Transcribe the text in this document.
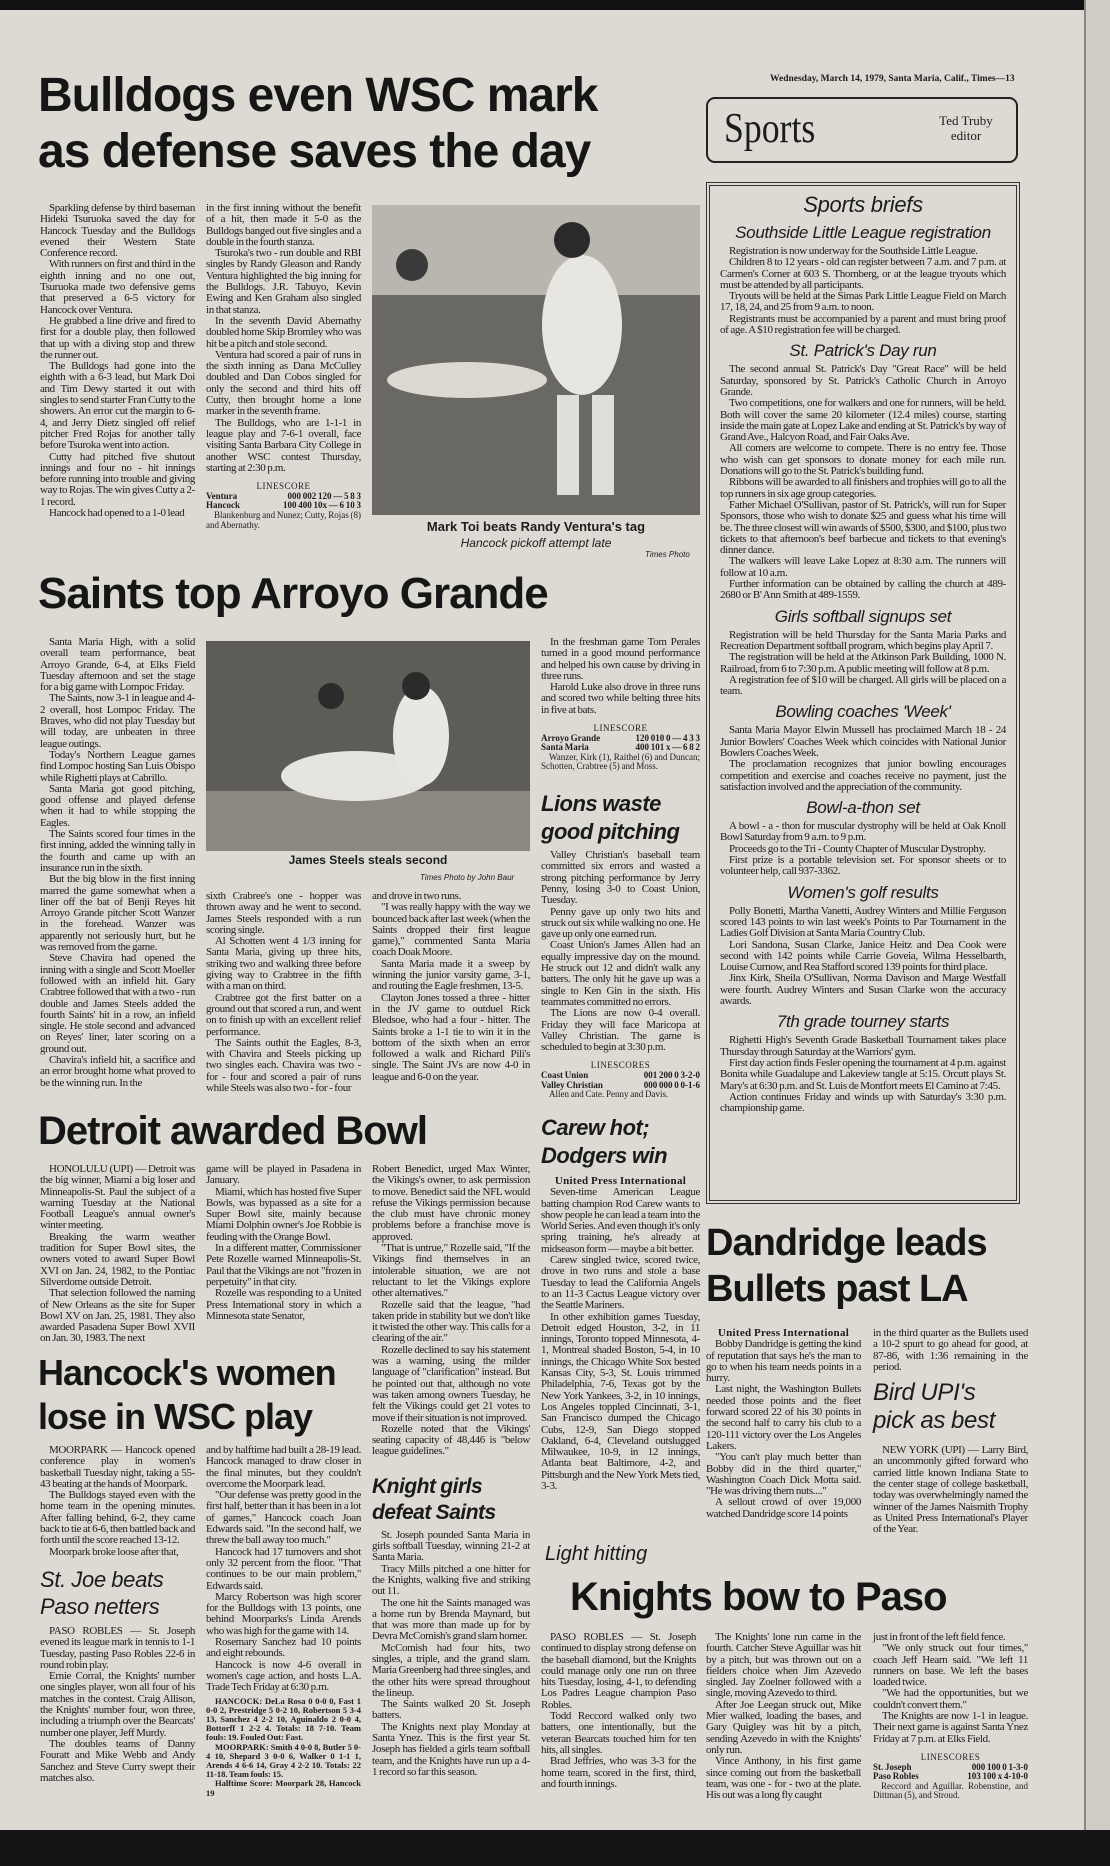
Wednesday, March 14, 1979, Santa Maria, Calif., Times—13
Sports	Ted Truby
editor
Bulldogs even WSC mark
as defense saves the day

Sparkling defense by third baseman Hideki Tsuruoka saved the day for Hancock Tuesday and the Bulldogs evened their Western State Conference record.

With runners on first and third in the eighth inning and no one out, Tsuruoka made two defensive gems that preserved a 6-5 victory for Hancock over Ventura.

He grabbed a line drive and fired to first for a double play, then followed that up with a diving stop and threw the runner out.

The Bulldogs had gone into the eighth with a 6-3 lead, but Mark Doi and Tim Dewy started it out with singles to send starter Fran Cutty to the showers. An error cut the margin to 6-4, and Jerry Dietz singled off relief pitcher Fred Rojas for another tally before Tsuroka went into action.

Cutty had pitched five shutout innings and four no - hit innings before running into trouble and giving way to Rojas. The win gives Cutty a 2-1 record.

Hancock had opened to a 1-0 lead

in the first inning without the benefit of a hit, then made it 5-0 as the Bulldogs banged out five singles and a double in the fourth stanza.

Tsuroka's two - run double and RBI singles by Randy Gleason and Randy Ventura highlighted the big inning for the Bulldogs. J.R. Tabuyo, Kevin Ewing and Ken Graham also singled in that stanza.

In the seventh David Abernathy doubled home Skip Bromley who was hit be a pitch and stole second.

Ventura had scored a pair of runs in the sixth inning as Dana McCulley doubled and Dan Cobos singled for only the second and third hits off Cutty, then brought home a lone marker in the seventh frame.

The Bulldogs, who are 1-1-1 in league play and 7-6-1 overall, face visiting Santa Barbara City College in another WSC contest Thursday, starting at 2:30 p.m.

LINESCORE
Ventura	000 002 120 — 5 8 3
Hancock	100 400 10x — 6 10 3
Blankenburg and Nunez; Cutty, Rojas (8) and Abernathy.	Mark Toi beats Randy Ventura's tag
Hancock pickoff attempt late
Times Photo
Sports briefs
Southside Little League registration

Registration is now underway for the Southside Little League.

Children 8 to 12 years - old can register between 7 a.m. and 7 p.m. at Carmen's Corner at 603 S. Thornberg, or at the league tryouts which must be attended by all participants.

Tryouts will be held at the Simas Park Little League Field on March 17, 18, 24, and 25 from 9 a.m. to noon.

Registrants must be accompanied by a parent and must bring proof of age. A $10 registration fee will be charged.

St. Patrick's Day run

The second annual St. Patrick's Day "Great Race" will be held Saturday, sponsored by St. Patrick's Catholic Church in Arroyo Grande.

Two competitions, one for walkers and one for runners, will be held. Both will cover the same 20 kilometer (12.4 miles) course, starting inside the main gate at Lopez Lake and ending at St. Patrick's by way of Grand Ave., Halcyon Road, and Fair Oaks Ave.

All comers are welcome to compete. There is no entry fee. Those who wish can get sponsors to donate money for each mile run. Donations will go to the St. Patrick's building fund.

Ribbons will be awarded to all finishers and trophies will go to all the top runners in six age group categories.

Father Michael O'Sullivan, pastor of St. Patrick's, will run for Super Sponsors, those who wish to donate $25 and guess what his time will be. The three closest will win awards of $500, $300, and $100, plus two tickets to that afternoon's beef barbecue and tickets to that evening's dinner dance.

The walkers will leave Lake Lopez at 8:30 a.m. The runners will follow at 10 a.m.

Further information can be obtained by calling the church at 489-2680 or B' Ann Smith at 489-1559.

Girls softball signups set

Registration will be held Thursday for the Santa Maria Parks and Recreation Department softball program, which begins play April 7.

The registration will be held at the Atkinson Park Building, 1000 N. Railroad, from 6 to 7:30 p.m. A public meeting will follow at 8 p.m.

A registration fee of $10 will be charged. All girls will be placed on a team.

Bowling coaches 'Week'

Santa Maria Mayor Elwin Mussell has proclaimed March 18 - 24 Junior Bowlers' Coaches Week which coincides with National Junior Bowlers Coaches Week.

The proclamation recognizes that junior bowling encourages competition and exercise and coaches receive no payment, just the satisfaction involved and the appreciation of the community.

Bowl-a-thon set

A bowl - a - thon for muscular dystrophy will be held at Oak Knoll Bowl Saturday from 9 a.m. to 9 p.m.

Proceeds go to the Tri - County Chapter of Muscular Dystrophy.

First prize is a portable television set. For sponsor sheets or to volunteer help, call 937-3362.

Women's golf results

Polly Bonetti, Martha Vanetti, Audrey Winters and Millie Ferguson scored 143 points to win last week's Points to Par Tournament in the Ladies Golf Division at Santa Maria Country Club.

Lori Sandona, Susan Clarke, Janice Heitz and Dea Cook were second with 142 points while Carrie Goveia, Wilma Hesselbarth, Louise Curnow, and Rea Stafford scored 139 points for third place.

Jinx Kirk, Sheila O'Sullivan, Norma Davison and Marge Westfall were fourth. Audrey Winters and Susan Clarke won the accuracy awards.

7th grade tourney starts

Righetti High's Seventh Grade Basketball Tournament takes place Thursday through Saturday at the Warriors' gym.

First day action finds Fesler opening the tournament at 4 p.m. against Bonita while Guadalupe and Lakeview tangle at 5:15. Orcutt plays St. Mary's at 6:30 p.m. and St. Luis de Montfort meets El Camino at 7:45.

Action continues Friday and winds up with Saturday's 3:30 p.m. championship game.

Saints top Arroyo Grande

Santa Maria High, with a solid overall team performance, beat Arroyo Grande, 6-4, at Elks Field Tuesday afternoon and set the stage for a big game with Lompoc Friday.

The Saints, now 3-1 in league and 4-2 overall, host Lompoc Friday. The Braves, who did not play Tuesday but will today, are unbeaten in three league outings.

Today's Northern League games find Lompoc hosting San Luis Obispo while Righetti plays at Cabrillo.

Santa Maria got good pitching, good offense and played defense when it had to while stopping the Eagles.

The Saints scored four times in the first inning, added the winning tally in the fourth and came up with an insurance run in the sixth.

But the big blow in the first inning marred the game somewhat when a liner off the bat of Benji Reyes hit Arroyo Grande pitcher Scott Wanzer in the forehead. Wanzer was apparently not seriously hurt, but he was removed from the game.

Steve Chavira had opened the inning with a single and Scott Moeller followed with an infield hit. Gary Crabtree followed that with a two - run double and James Steels added the fourth Saints' hit in a row, an infield single. He stole second and advanced on Reyes' liner, later scoring on a ground out.

Chavira's infield hit, a sacrifice and an error brought home what proved to be the winning run. In the

James Steels steals second
Times Photo by John Baur

sixth Crabree's one - hopper was thrown away and he went to second. James Steels responded with a run scoring single.

Al Schotten went 4 1/3 inning for Santa Maria, giving up three hits, striking two and walking three before giving way to Crabtree in the fifth with a man on third.

Crabtree got the first batter on a ground out that scored a run, and went on to finish up with an excellent relief performance.

The Saints outhit the Eagles, 8-3, with Chavira and Steels picking up two singles each. Chavira was two - for - four and scored a pair of runs while Steels was also two - for - four

and drove in two runs.

"I was really happy with the way we bounced back after last week (when the Saints dropped their first league game)," commented Santa Maria coach Doak Moore.

Santa Maria made it a sweep by winning the junior varsity game, 3-1, and routing the Eagle freshmen, 13-5.

Clayton Jones tossed a three - hitter in the JV game to outduel Rick Bledsoe, who had a four - hitter. The Saints broke a 1-1 tie to win it in the bottom of the sixth when an error followed a walk and Richard Pili's single. The Saint JVs are now 4-0 in league and 6-0 on the year.

In the freshman game Tom Perales turned in a good mound performance and helped his own cause by driving in three runs.

Harold Luke also drove in three runs and scored two while belting three hits in five at bats.

LINESCORE
Arroyo Grande	120 010 0 — 4 3 3
Santa Maria	400 101 x — 6 8 2
Wanzer, Kirk (1), Raithel (6) and Duncan; Schotten, Crabtree (5) and Moss.
Lions waste
good pitching

Valley Christian's baseball team committed six errors and wasted a strong pitching performance by Jerry Penny, losing 3-0 to Coast Union, Tuesday.

Penny gave up only two hits and struck out six while walking no one. He gave up only one earned run.

Coast Union's James Allen had an equally impressive day on the mound. He struck out 12 and didn't walk any batters. The only hit he gave up was a single to Ken Gin in the sixth. His teammates committed no errors.

The Lions are now 0-4 overall. Friday they will face Maricopa at Valley Christian. The game is scheduled to begin at 3:30 p.m.

LINESCORES
Coast Union	001 200 0 3-2-0
Valley Christian	000 000 0 0-1-6
Allen and Cate. Penny and Davis.
Detroit awarded Bowl

HONOLULU (UPI) — Detroit was the big winner, Miami a big loser and Minneapolis-St. Paul the subject of a warning Tuesday at the National Football League's annual owner's winter meeting.

Breaking the warm weather tradition for Super Bowl sites, the owners voted to award Super Bowl XVI on Jan. 24, 1982, to the Pontiac Silverdome outside Detroit.

That selection followed the naming of New Orleans as the site for Super Bowl XV on Jan. 25, 1981. They also awarded Pasadena Super Bowl XVII on Jan. 30, 1983. The next

game will be played in Pasadena in January.

Miami, which has hosted five Super Bowls, was bypassed as a site for a Super Bowl site, mainly because Miami Dolphin owner's Joe Robbie is feuding with the Orange Bowl.

In a different matter, Commissioner Pete Rozelle warned Minneapolis-St. Paul that the Vikings are not "frozen in perpetuity" in that city.

Rozelle was responding to a United Press International story in which a Minnesota state Senator,

Robert Benedict, urged Max Winter, the Vikings's owner, to ask permission to move. Benedict said the NFL would refuse the Vikings permission because the club must have chronic money problems before a franchise move is approved.

"That is untrue," Rozelle said, "If the Vikings find themselves in an intolerable situation, we are not reluctant to let the Vikings explore other alternatives."

Rozelle said that the league, "had taken pride in stability but we don't like it twisted the other way. This calls for a clearing of the air."

Rozelle declined to say his statement was a warning, using the milder language of "clarification" instead. But he pointed out that, although no vote was taken among owners Tuesday, he felt the Vikings could get 21 votes to move if their situation is not improved.

Rozelle noted that the Vikings' seating capacity of 48,446 is "below league guidelines."

Knight girls
defeat Saints

St. Joseph pounded Santa Maria in girls softball Tuesday, winning 21-2 at Santa Maria.

Tracy Mills pitched a one hitter for the Knights, walking five and striking out 11.

The one hit the Saints managed was a home run by Brenda Maynard, but that was more than made up for by Devra McComish's grand slam homer.

McComish had four hits, two singles, a triple, and the grand slam. Maria Greenberg had three singles, and the other hits were spread throughout the lineup.

The Saints walked 20 St. Joseph batters.

The Knights next play Monday at Santa Ynez. This is the first year St. Joseph has fielded a girls team softball team, and the Knights have run up a 4-1 record so far this season.

Carew hot;
Dodgers win
United Press International

Seven-time American League batting champion Rod Carew wants to show people he can lead a team into the World Series. And even though it's only spring training, he's already at midseason form — maybe a bit better.

Carew singled twice, scored twice, drove in two runs and stole a base Tuesday to lead the California Angels to an 11-3 Cactus League victory over the Seattle Mariners.

In other exhibition games Tuesday, Detroit edged Houston, 3-2, in 11 innings, Toronto topped Minnesota, 4-1, Montreal shaded Boston, 5-4, in 10 innings, the Chicago White Sox bested Kansas City, 5-3, St. Louis trimmed Philadelphia, 7-6, Texas got by the New York Yankees, 3-2, in 10 innings, Los Angeles toppled Cincinnati, 3-1, San Francisco dumped the Chicago Cubs, 12-9, San Diego stopped Oakland, 6-4, Cleveland outslugged Milwaukee, 10-9, in 12 innings, Atlanta beat Baltimore, 4-2, and Pittsburgh and the New York Mets tied, 3-3.

Light hitting
Dandridge leads
Bullets past LA
United Press International

Bobby Dandridge is getting the kind of reputation that says he's the man to go to when his team needs points in a hurry.

Last night, the Washington Bullets needed those points and the fleet forward scored 22 of his 30 points in the second half to carry his club to a 120-111 victory over the Los Angeles Lakers.

"You can't play much better than Bobby did in the third quarter," Washington Coach Dick Motta said. "He was driving them nuts...."

A sellout crowd of over 19,000 watched Dandridge score 14 points

in the third quarter as the Bullets used a 10-2 spurt to go ahead for good, at 87-86, with 1:36 remaining in the period.

Bird UPI's
pick as best

NEW YORK (UPI) — Larry Bird, an uncommonly gifted forward who carried little known Indiana State to the center stage of college basketball, today was overwhelmingly named the winner of the James Naismith Trophy as United Press International's Player of the Year.

Hancock's women
lose in WSC play

MOORPARK — Hancock opened conference play in women's basketball Tuesday night, taking a 55-43 beating at the hands of Moorpark.

The Bulldogs stayed even with the home team in the opening minutes. After falling behind, 6-2, they came back to tie at 6-6, then battled back and forth until the score reached 13-12.

Moorpark broke loose after that,

St. Joe beats
Paso netters

PASO ROBLES — St. Joseph evened its league mark in tennis to 1-1 Tuesday, pasting Paso Robles 22-6 in round robin play.

Ernie Corral, the Knights' number one singles player, won all four of his matches in the contest. Craig Allison, the Knights' number four, won three, including a triumph over the Bearcats' number one player, Jeff Murdy.

The doubles teams of Danny Fouratt and Mike Webb and Andy Sanchez and Steve Curry swept their matches also.

and by halftime had built a 28-19 lead. Hancock managed to draw closer in the final minutes, but they couldn't overcome the Moorpark lead.

"Our defense was pretty good in the first half, better than it has been in a lot of games," Hancock coach Joan Edwards said. "In the second half, we threw the ball away too much."

Hancock had 17 turnovers and shot only 32 percent from the floor. "That continues to be our main problem," Edwards said.

Marcy Robertson was high scorer for the Bulldogs with 13 points, one behind Moorparks's Linda Arends who was high for the game with 14.

Rosemary Sanchez had 10 points and eight rebounds.

Hancock is now 4-6 overall in women's cage action, and hosts L.A. Trade Tech Friday at 6:30 p.m.

HANCOCK: DeLa Rosa 0 0-0 0, Fast 1 0-0 2, Prestridge 5 0-2 10, Robertson 5 3-4 13, Sanchez 4 2-2 10, Aguinaldo 2 0-0 4, Bottorff 1 2-2 4. Totals: 18 7-10. Team fouls: 19. Fouled Out: Fast.

MOORPARK: Smith 4 0-0 8, Butler 5 0-4 10, Shepard 3 0-0 6, Walker 0 1-1 1, Arends 4 6-6 14, Gray 4 2-2 10. Totals: 22 11-18. Team fouls: 15.

Halftime Score: Moorpark 28, Hancock 19

Knights bow to Paso

PASO ROBLES — St. Joseph continued to display strong defense on the baseball diamond, but the Knights could manage only one run on three hits Tuesday, losing, 4-1, to defending Los Padres League champion Paso Robles.

Todd Reccord walked only two batters, one intentionally, but the veteran Bearcats touched him for ten hits, all singles.

Brad Jeffries, who was 3-3 for the home team, scored in the first, third, and fourth innings.

The Knights' lone run came in the fourth. Catcher Steve Aguillar was hit by a pitch, but was thrown out on a fielders choice when Jim Azevedo singled. Jay Zoelner followed with a single, moving Azevedo to third.

After Joe Leegan struck out, Mike Mier walked, loading the bases, and Gary Quigley was hit by a pitch, sending Azevedo in with the Knights' only run.

Vince Anthony, in his first game since coming out from the basketball team, was one - for - two at the plate. His out was a long fly caught

just in front of the left field fence.

"We only struck out four times," coach Jeff Hearn said. "We left 11 runners on base. We left the bases loaded twice.

"We had the opportunities, but we couldn't convert them."

The Knights are now 1-1 in league. Their next game is against Santa Ynez Friday at 7 p.m. at Elks Field.

LINESCORES
St. Joseph	000 100 0 1-3-0
Paso Robles	103 100 x 4-10-0
Reccord and Aguillar. Robenstine, and Dittman (5), and Stroud.
